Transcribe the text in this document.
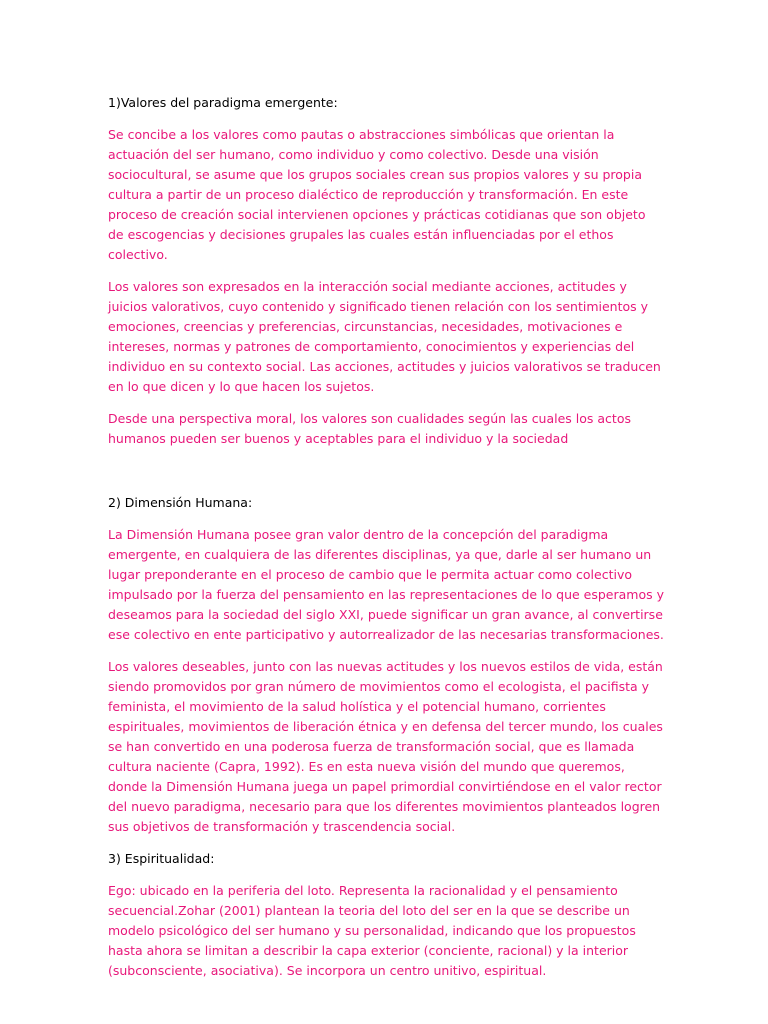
1)Valores del paradigma emergente:

Se concibe a los valores como pautas o abstracciones simbólicas que orientan la actuación del ser humano, como individuo y como colectivo. Desde una visión sociocultural, se asume que los grupos sociales crean sus propios valores y su propia cultura a partir de un proceso dialéctico de reproducción y transformación. En este proceso de creación social intervienen opciones y prácticas cotidianas que son objeto de escogencias y decisiones grupales las cuales están influenciadas por el ethos colectivo.

Los valores son expresados en la interacción social mediante acciones, actitudes y juicios valorativos, cuyo contenido y significado tienen relación con los sentimientos y emociones, creencias y preferencias, circunstancias, necesidades, motivaciones e intereses, normas y patrones de comportamiento, conocimientos y experiencias del individuo en su contexto social. Las acciones, actitudes y juicios valorativos se traducen en lo que dicen y lo que hacen los sujetos.

Desde una perspectiva moral, los valores son cualidades según las cuales los actos humanos pueden ser buenos y aceptables para el individuo y la sociedad

2) Dimensión Humana:

La Dimensión Humana posee gran valor dentro de la concepción del paradigma emergente, en cualquiera de las diferentes disciplinas, ya que, darle al ser humano un lugar preponderante en el proceso de cambio que le permita actuar como colectivo impulsado por la fuerza del pensamiento en las representaciones de lo que esperamos y deseamos para la sociedad del siglo XXI, puede significar un gran avance, al convertirse ese colectivo en ente participativo y autorrealizador de las necesarias transformaciones.

Los valores deseables, junto con las nuevas actitudes y los nuevos estilos de vida, están siendo promovidos por gran número de movimientos como el ecologista, el pacifista y feminista, el movimiento de la salud holística y el potencial humano, corrientes espirituales, movimientos de liberación étnica y en defensa del tercer mundo, los cuales se han convertido en una poderosa fuerza de transformación social, que es llamada cultura naciente (Capra, 1992). Es en esta nueva visión del mundo que queremos, donde la Dimensión Humana juega un papel primordial convirtiéndose en el valor rector del nuevo paradigma, necesario para que los diferentes movimientos planteados logren sus objetivos de transformación y trascendencia social.

3) Espiritualidad:

Ego: ubicado en la periferia del loto. Representa la racionalidad y el pensamiento secuencial.Zohar (2001) plantean la teoria del loto del ser en la que se describe un modelo psicológico del ser humano y su personalidad, indicando que los propuestos hasta ahora se limitan a describir la capa exterior (conciente, racional) y la interior (subconsciente, asociativa). Se incorpora un centro unitivo, espiritual.
